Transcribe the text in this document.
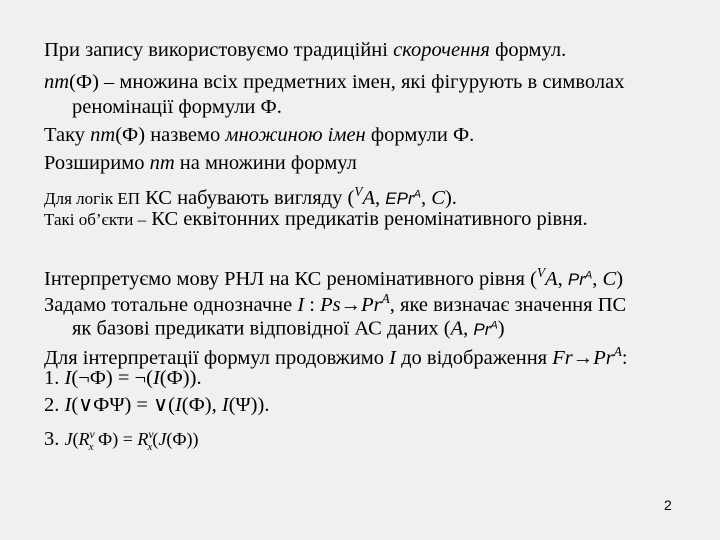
При запису використовуємо традиційні скорочення формул.
nm(Ф) – множина всіх предметних імен, які фігурують в символах
реномінації формули Ф.
Таку nm(Ф) назвемо множиною імен формули Ф.
Розширимо nm на множини формул
Для логік ЕП КС набувають вигляду ($^V$A, EPr$^A$, C).
Такі об’єкти – КС еквітонних предикатів реномінативного рівня.
Інтерпретуємо мову РНЛ на КС реномінативного рівня ($^V$A, $Pr^A$, C)
Задамо тотальне однозначне I : $Ps\to Pr^A$, яке визначає значення ПС
як базові предикати відповідної АС даних (A, $Pr^A$)
Для інтерпретації формул продовжимо I до відображення $Fr\to Pr^A$:
1. I(¬Ф) = ¬(I(Ф)).
2. I(∨ФΨ) = ∨(I(Ф), I(Ψ)).
3. $J(R^v_x$ $Ф) = R^v_x(J(Ф))$
2
